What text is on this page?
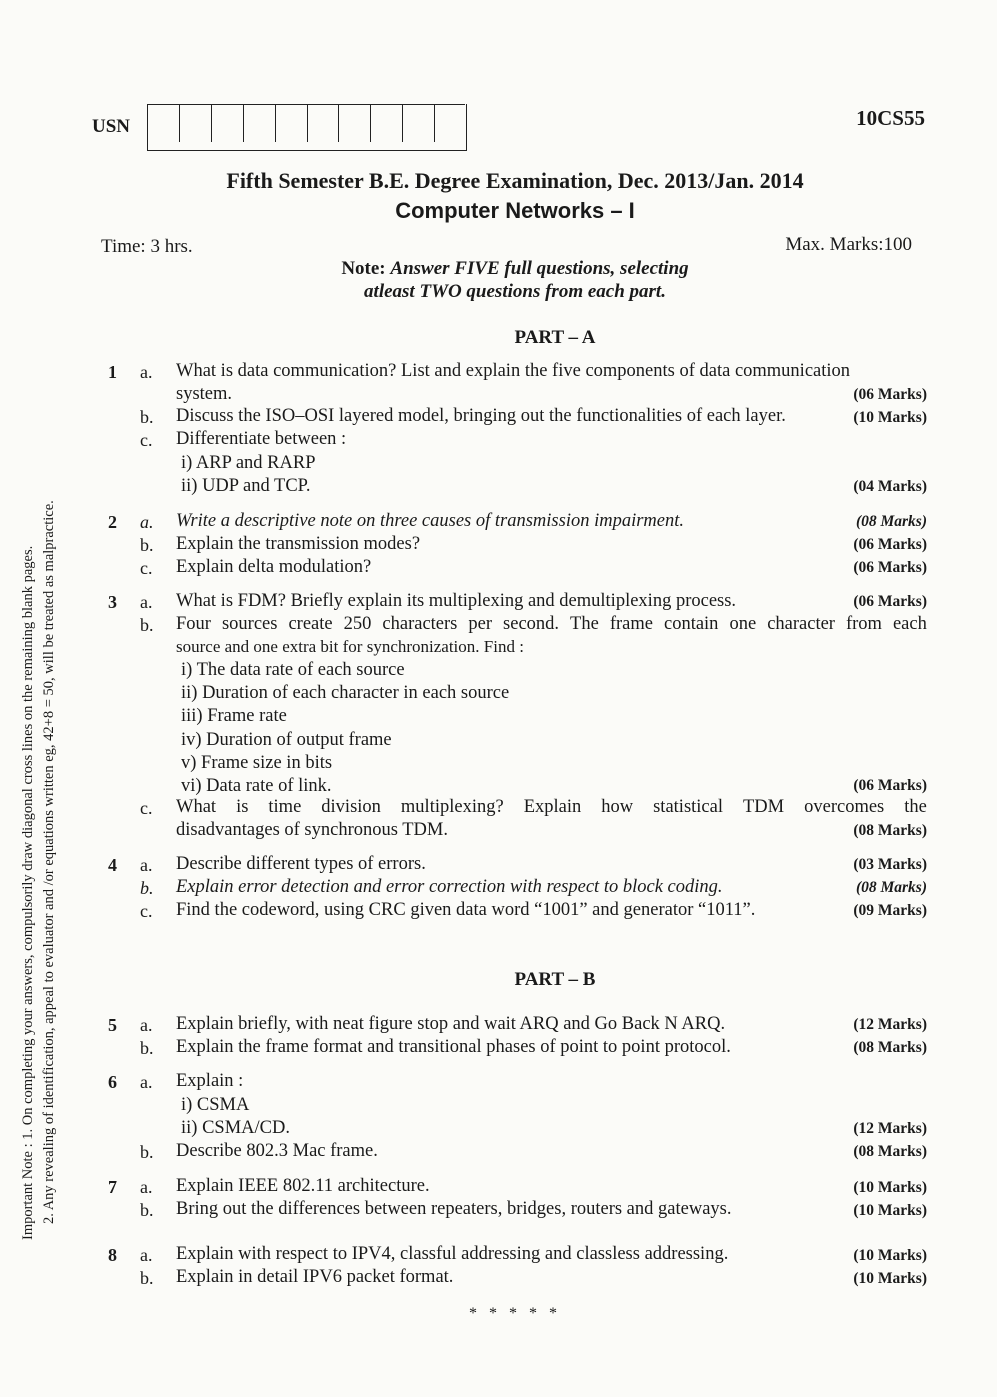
USN	10CS55
Fifth Semester B.E. Degree Examination, Dec. 2013/Jan. 2014
Computer Networks – I
Time: 3 hrs.	Max. Marks:100
Note: Answer FIVE full questions, selecting
atleast TWO questions from each part.
PART – A
1 a. What is data communication? List and explain the five components of data communication
system.	(06 Marks)
b. Discuss the ISO–OSI layered model, bringing out the functionalities of each layer.	(10 Marks)
c. Differentiate between :
i) ARP and RARP
ii) UDP and TCP.	(04 Marks)
2 a. Write a descriptive note on three causes of transmission impairment.	(08 Marks)
b. Explain the transmission modes?	(06 Marks)
c. Explain delta modulation?	(06 Marks)
3 a. What is FDM? Briefly explain its multiplexing and demultiplexing process.	(06 Marks)
b. Four sources create 250 characters per second. The frame contain one character from each
source and one extra bit for synchronization. Find :
i) The data rate of each source
ii) Duration of each character in each source
iii) Frame rate
iv) Duration of output frame
v) Frame size in bits
vi) Data rate of link.	(06 Marks)
c. What is time division multiplexing? Explain how statistical TDM overcomes the
disadvantages of synchronous TDM.	(08 Marks)
4 a. Describe different types of errors.	(03 Marks)
b. Explain error detection and error correction with respect to block coding.	(08 Marks)
c. Find the codeword, using CRC given data word “1001” and generator “1011”.	(09 Marks)
PART – B
5 a. Explain briefly, with neat figure stop and wait ARQ and Go Back N ARQ.	(12 Marks)
b. Explain the frame format and transitional phases of point to point protocol.	(08 Marks)
6 a. Explain :
i) CSMA
ii) CSMA/CD.	(12 Marks)
b. Describe 802.3 Mac frame.	(08 Marks)
7 a. Explain IEEE 802.11 architecture.	(10 Marks)
b. Bring out the differences between repeaters, bridges, routers and gateways.	(10 Marks)
8 a. Explain with respect to IPV4, classful addressing and classless addressing.	(10 Marks)
b. Explain in detail IPV6 packet format.	(10 Marks)
* * * * *
Important Note : 1. On completing your answers, compulsorily draw diagonal cross lines on the remaining blank pages. 2. Any revealing of identification, appeal to evaluator and /or equations written eg, 42+8 = 50, will be treated as malpractice.
